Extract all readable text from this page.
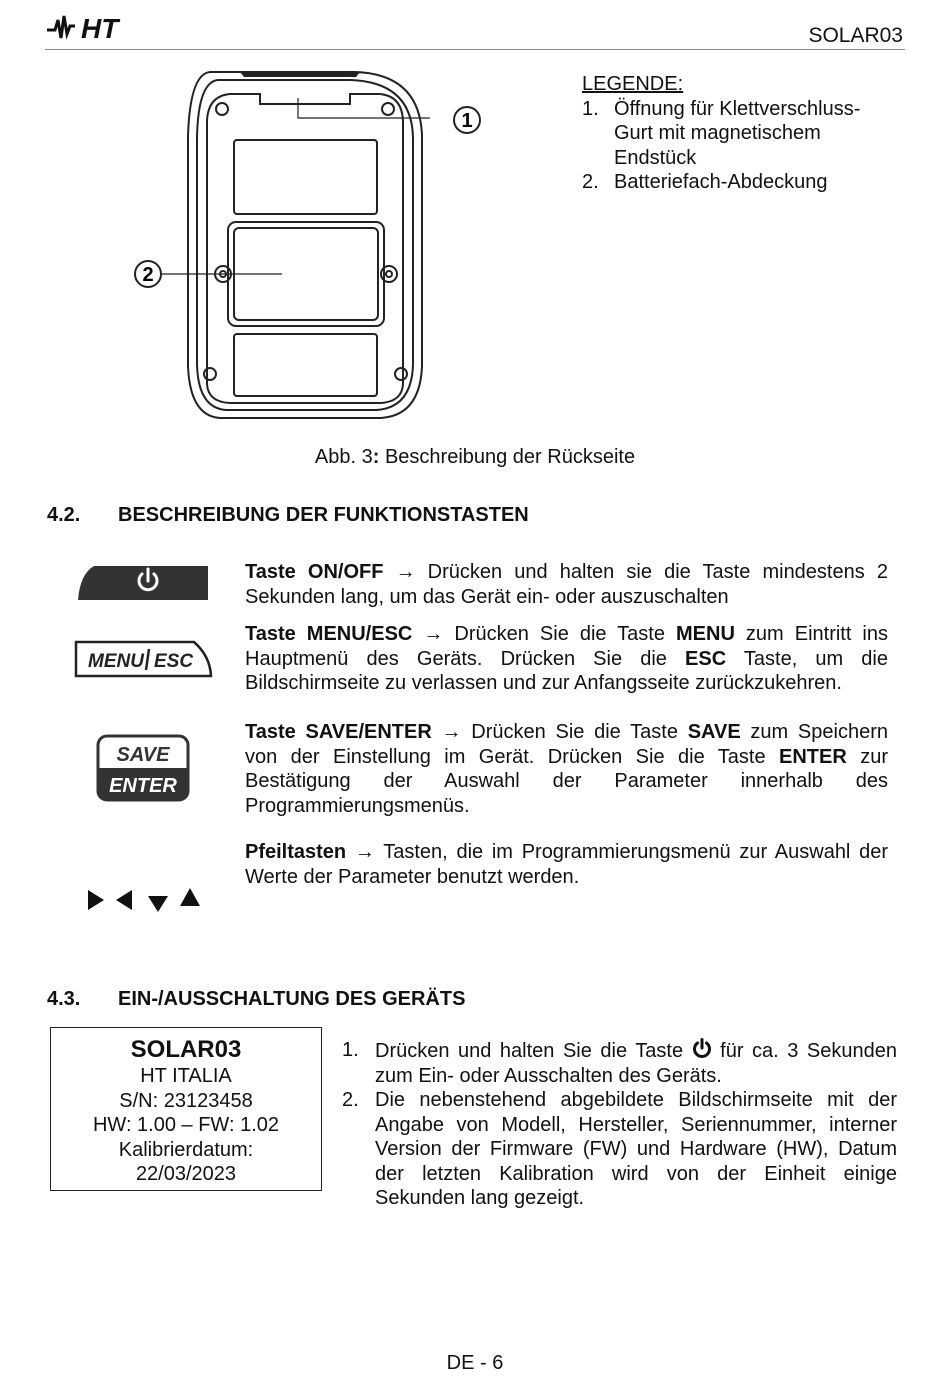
HT	SOLAR03
1
2
LEGENDE:
1. Öffnung für Klettverschluss-Gurt mit magnetischem Endstück
2. Batteriefach-Abdeckung
Abb. 3: Beschreibung der Rückseite
4.2. BESCHREIBUNG DER FUNKTIONSTASTEN
Taste ON/OFF → Drücken und halten sie die Taste mindestens 2 Sekunden lang, um das Gerät ein- oder auszuschalten
MENU ESC
Taste MENU/ESC → Drücken Sie die Taste MENU zum Eintritt ins Hauptmenü des Geräts. Drücken Sie die ESC Taste, um die Bildschirmseite zu verlassen und zur Anfangsseite zurückzukehren.
SAVE
ENTER
Taste SAVE/ENTER → Drücken Sie die Taste SAVE zum Speichern von der Einstellung im Gerät. Drücken Sie die Taste ENTER zur Bestätigung der Auswahl der Parameter innerhalb des Programmierungsmenüs.
Pfeiltasten → Tasten, die im Programmierungsmenü zur Auswahl der Werte der Parameter benutzt werden.
4.3. EIN-/AUSSCHALTUNG DES GERÄTS
SOLAR03
HT ITALIA
S/N: 23123458
HW: 1.00 – FW: 1.02
Kalibrierdatum:
22/03/2023
1. Drücken und halten Sie die Taste  für ca. 3 Sekunden zum Ein- oder Ausschalten des Geräts.
2. Die nebenstehend abgebildete Bildschirmseite mit der Angabe von Modell, Hersteller, Seriennummer, interner Version der Firmware (FW) und Hardware (HW), Datum der letzten Kalibration wird von der Einheit einige Sekunden lang gezeigt.
DE - 6
